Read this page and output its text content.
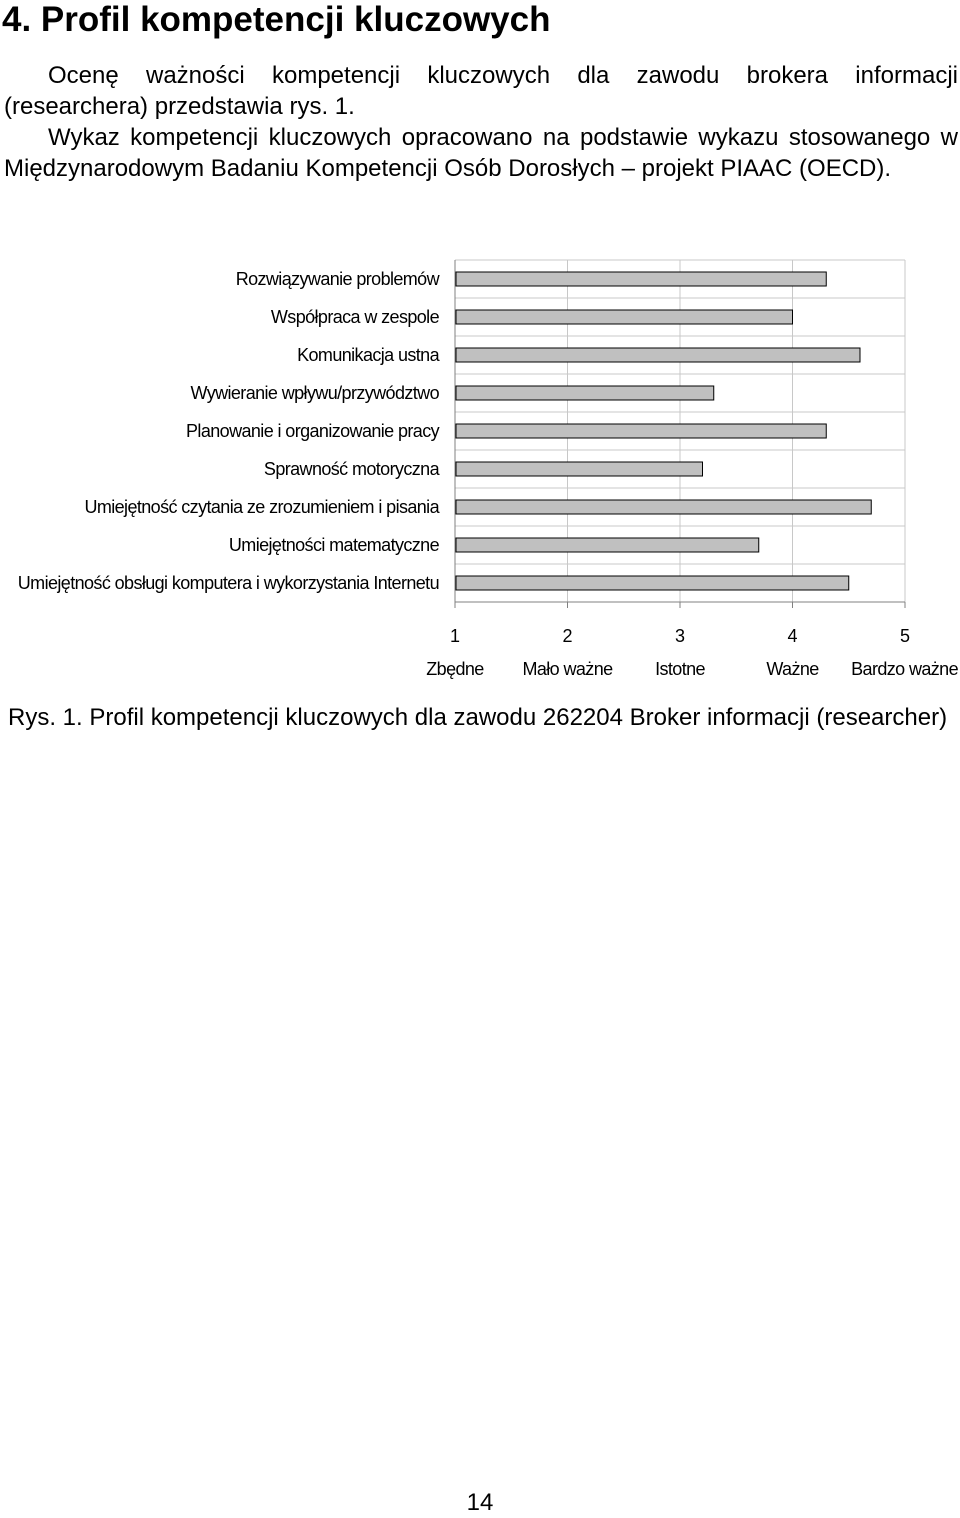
4. Profil kompetencji kluczowych

Ocenę ważności kompetencji kluczowych dla zawodu brokera informacji (researchera) przedstawia rys. 1.

Wykaz kompetencji kluczowych opracowano na podstawie wykazu stosowanego w Międzynarodowym Badaniu Kompetencji Osób Dorosłych – projekt PIAAC (OECD).

Rozwiązywanie problemów
Współpraca w zespole
Komunikacja ustna
Wywieranie wpływu/przywództwo
Planowanie i organizowanie pracy
Sprawność motoryczna
Umiejętność czytania ze zrozumieniem i pisania
Umiejętności matematyczne
Umiejętność obsługi komputera i wykorzystania Internetu
1
Zbędne
2
Mało ważne
3
Istotne
4
Ważne
5
Bardzo ważne
Rys. 1. Profil kompetencji kluczowych dla zawodu 262204 Broker informacji (researcher)
14
